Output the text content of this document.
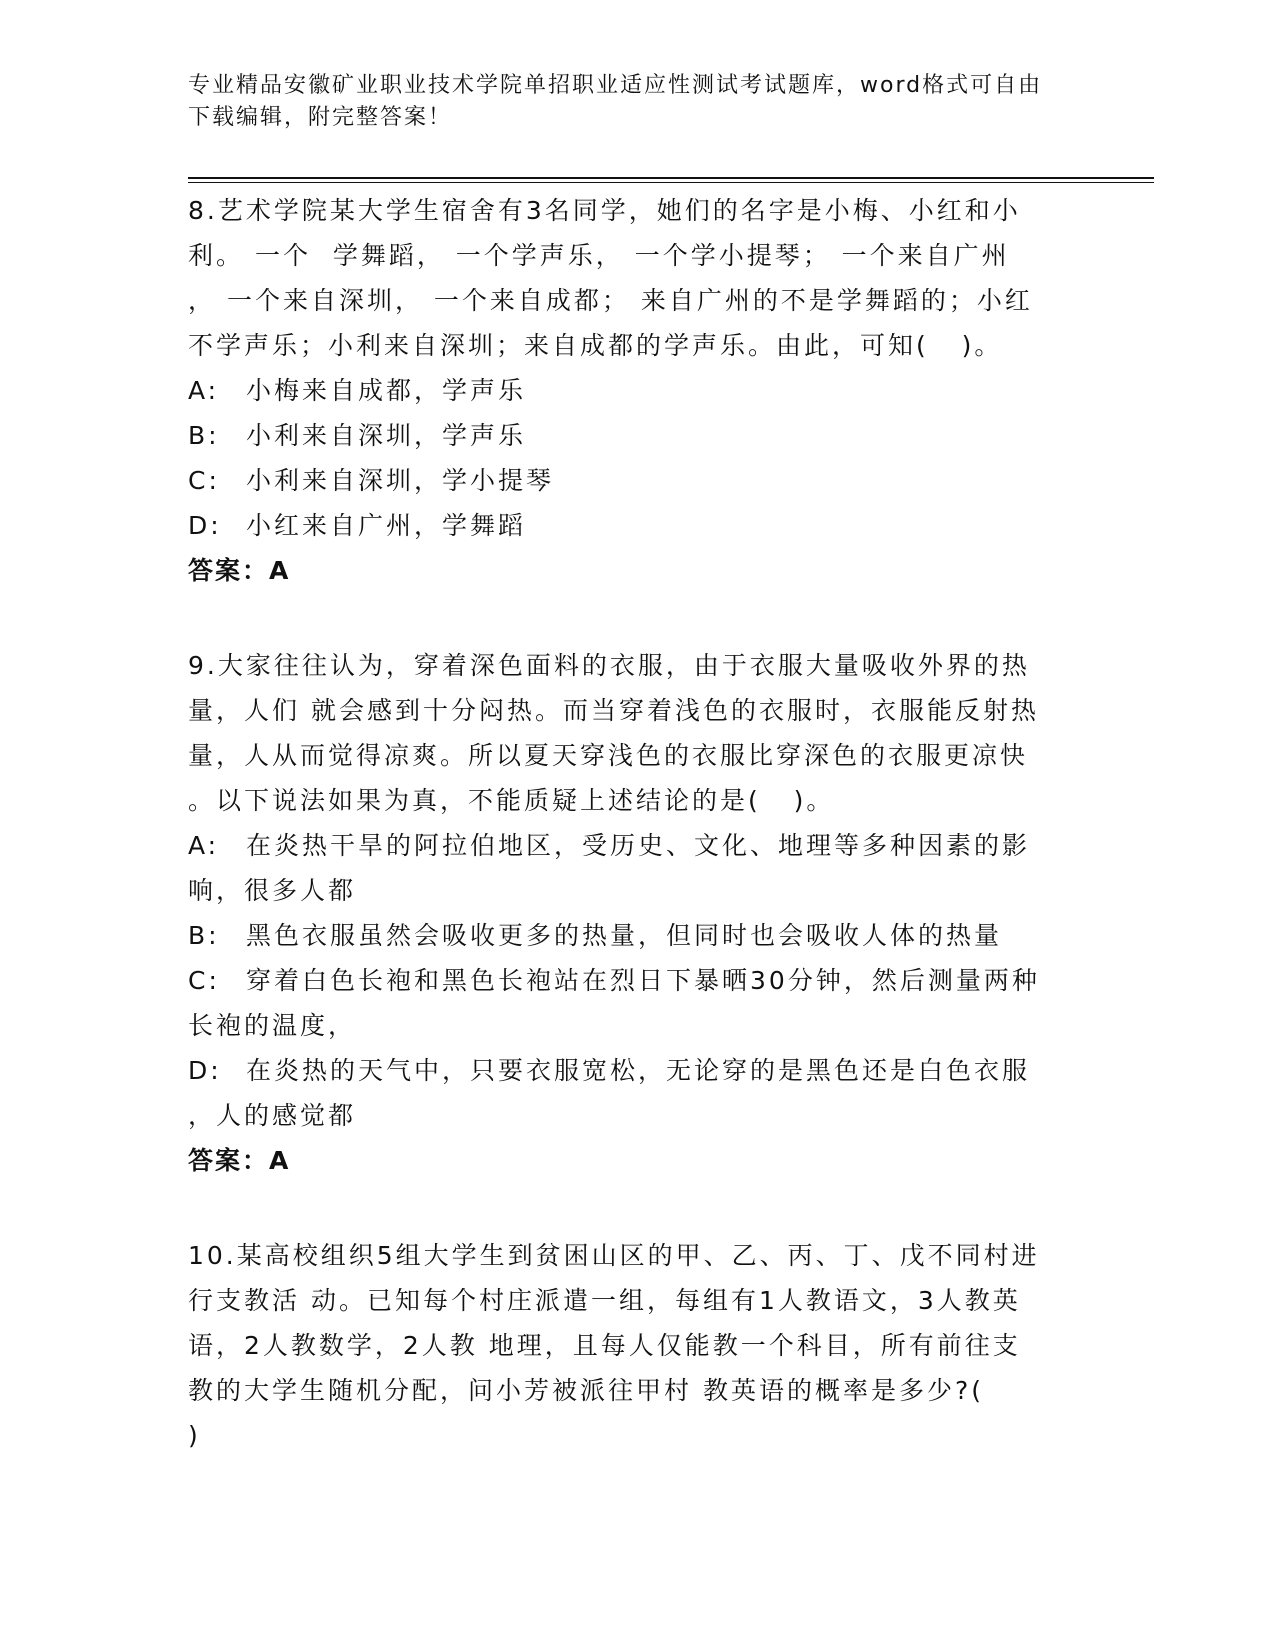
专业精品安徽矿业职业技术学院单招职业适应性测试考试题库，word格式可自由
下载编辑，附完整答案！
8.艺术学院某大学生宿舍有3名同学，她们的名字是小梅、小红和小
利。 一个  学舞蹈， 一个学声乐， 一个学小提琴； 一个来自广州
， 一个来自深圳， 一个来自成都； 来自广州的不是学舞蹈的；小红
不学声乐；小利来自深圳；来自成都的学声乐。由此，可知(   )。
A: 小梅来自成都，学声乐
B: 小利来自深圳，学声乐
C: 小利来自深圳，学小提琴
D: 小红来自广州，学舞蹈
答案：A
9.大家往往认为，穿着深色面料的衣服，由于衣服大量吸收外界的热
量，人们 就会感到十分闷热。而当穿着浅色的衣服时，衣服能反射热
量，人从而觉得凉爽。所以夏天穿浅色的衣服比穿深色的衣服更凉快
。以下说法如果为真，不能质疑上述结论的是(   )。
A: 在炎热干旱的阿拉伯地区，受历史、文化、地理等多种因素的影
响，很多人都
B: 黑色衣服虽然会吸收更多的热量，但同时也会吸收人体的热量
C: 穿着白色长袍和黑色长袍站在烈日下暴晒30分钟，然后测量两种
长袍的温度，
D: 在炎热的天气中，只要衣服宽松，无论穿的是黑色还是白色衣服
，人的感觉都
答案：A
10.某高校组织5组大学生到贫困山区的甲、乙、丙、丁、戊不同村进
行支教活 动。已知每个村庄派遣一组，每组有1人教语文，3人教英
语，2人教数学，2人教 地理，且每人仅能教一个科目，所有前往支
教的大学生随机分配，问小芳被派往甲村 教英语的概率是多少?(
)
